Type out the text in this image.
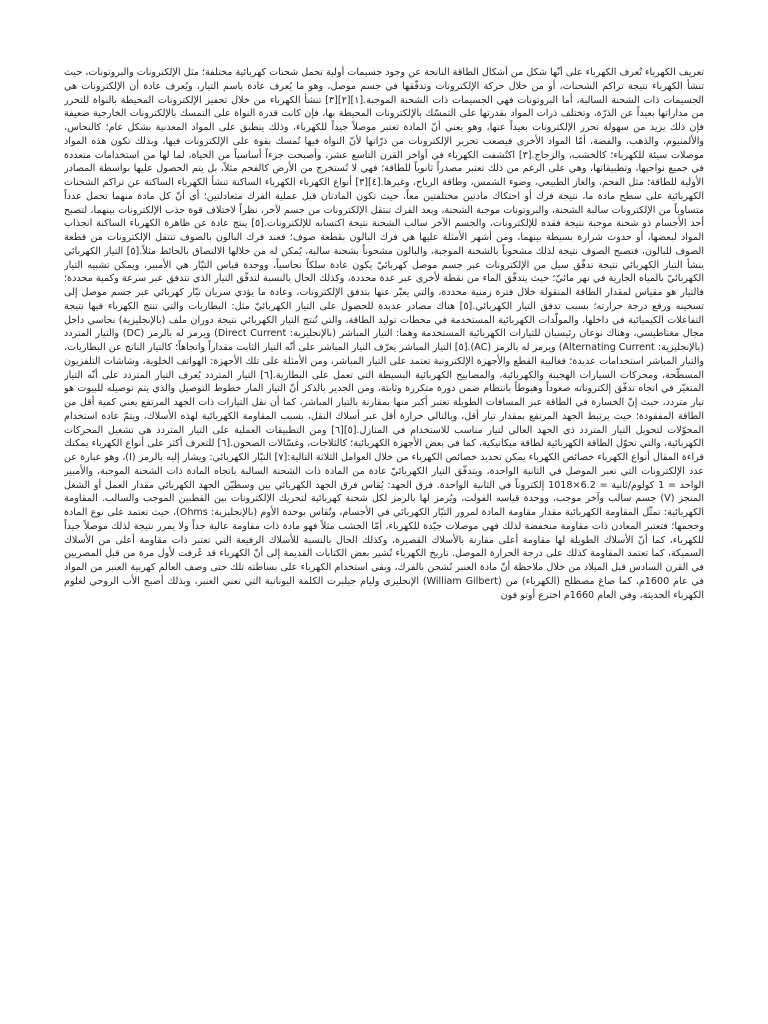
تعريف الكهرباء تُعرف الكهرباء على أنّها شكل من أشكال الطاقة الناتجة عن وجود جسيمات أولية تحمل شحنات كهربائية مختلفة؛ مثل الإلكترونات والبروتونات، حيث تنشأ الكهرباء نتيجة تراكم الشحنات، أو من خلال حركة الإلكترونات وتدفّقها في جسم موصل، وهو ما يُعرف عادة باسم التيار، ويُعرف عادة أن الإلكترونات هي الجسيمات ذات الشحنة السالبة، أما البروتونات فهي الجسيمات ذات الشحنة الموجبة.[١][٢][٣] تنشأ الكهرباء من خلال تحفيز الإلكترونات المحيطة بالنواة للتحرر من مداراتها بعيداً عن الذرّة، وتختلف ذرات المواد بقدرتها على التمسّك بالإلكترونات المحيطة بها، فإن كانت قدرة النواة على التمسك بالإلكترونات الخارجية ضعيفة فإن ذلك يزيد من سهولة تحرر الإلكترونات بعيداً عنها، وهو يعني أنّ المادة تعتبر موصلاً جيداً للكهرباء، وذلك ينطبق على المواد المعدنية بشكل عام؛ كالنحاس، والألمنيوم، والذهب، والفضة، أمّا المواد الأخرى فيصعب تحرير الإلكترونات من ذرّاتها لأنّ النواة فيها تُمسك بقوة على الإلكترونات فيها، وبذلك تكون هذه المواد موصلات سيئة للكهرباء؛ كالخشب، والزجاج.[٣] اكتُشفت الكهرباء في أواخر القرن التاسع عشر، وأصبحت جزءاً أساسياً من الحياة، لما لها من استخدامات متعددة في جميع نواحيها، وتطبيقاتها، وهي على الرغم من ذلك تعتبر مصدراً ثانوياً للطاقة؛ فهي لا تُستخرج من الأرض كالفحم مثلاً، بل يتم الحصول عليها بواسطة المصادر الأولية للطاقة؛ مثل الفحم، والغاز الطبيعي، وضوء الشمس، وطاقة الرياح، وغيرها.[٤][٣] أنواع الكهرباء الكهرباء الساكنة تنشأ الكهرباء الساكنة عن تراكم الشحنات الكهربائية على سطح مادة ما، نتيجة فرك أو احتكاك مادتين مختلفتين معاً، حيث تكون المادتان قبل عملية الفرك متعادلتين؛ أي أنّ كل مادة منهما تحمل عدداً متساوياً من الإلكترونات سالبة الشحنة، والبروتونات موجبة الشحنة، وبعد الفرك تنتقل الإلكترونات من جسم لآخر، نظراً لاختلاف قوة جذب الإلكترونات بينهما، لتصبح أحد الأجسام ذو شحنة موجبة نتيجة فقده للإلكترونات، والجسم الآخر سالب الشحنة نتيجة اكتسابه للإلكترونات.[٥] ينتج عادة عن ظاهرة الكهرباء الساكنة انجذاب المواد لبعضها، أو حدوث شرارة بسيطة بينهما، ومن أشهر الأمثلة عليها هي فرك البالون بقطعة صوف؛ فعند فرك البالون بالصوف تنتقل الإلكترونات من قطعة الصوف للبالون، فتصبح الصوف نتيجة لذلك مشحوناً بالشحنة الموجبة، والبالون مشحوناً بشحنة سالبة، يُمكن له من خلالها الالتصاق بالحائط مثلاً.[٥] التيار الكهربائي ينشأ التيار الكهربائي نتيجة تدفّق سيل من الإلكترونات عبر جسم موصل كهربائيّ يكون عادة سلكاً نحاسياً، ووحدة قياس التيّار هي الأمبير، ويمكن تشبيه التيار الكهربائيّ بالمياه الجارية في نهر مائيّ؛ حيث يتدفّق الماء من نقطة لأخرى عبر عدة محددة، وكذلك الحال بالنسبة لتدفّق التيار الذي تتدفق عبر سرعة وكمية محددة؛ فالتيار هو مقياس لمقدار الطاقة المنقولة خلال فترة زمنية محددة، والتي يعبّر عنها بتدفق الإلكترونات، وعادة ما يؤدي سريان تيّار كهربائي عبر جسم موصل إلى تسخينه ورفع درجة حرارته؛ بسبب تدفق التيار الكهربائي.[٥] هناك مصادر عديدة للحصول على التيار الكهربائيّ مثل: البطاريات والتي تنتج الكهرباء فيها نتيجة التفاعلات الكيميائية في داخلها، والمولّدات الكهربائية المستخدمة في محطات توليد الطاقة، والتي تُنتج التيار الكهربائي نتيجة دوران ملف (بالإنجليزية) نحاسي داخل مجال مغناطيسي، وهناك نوعان رئيسيان للتيارات الكهربائية المستخدمة وهما: التيار المباشر (بالإنجليزية: Direct Current) ويرمز له بالرمز (DC) والتيار المتردد (بالإنجليزية: Alternating Current) ويرمز له بالرمز (AC).[٥] التيار المباشر يعرّف التيار المباشر على أنّه التيار الثابت مقداراً واتجاهاً؛ كالتيار الناتج عن البطاريات، والتيار المباشر استخدامات عديدة؛ فغالبية القطع والأجهزة الإلكترونية تعتمد على التيار المباشر، ومن الأمثلة على تلك الأجهزة: الهواتف الخلوية، وشاشات التلفزيون المسطّحة، ومحركات السيارات الهجينة والكهربائية، والمصابيح الكهربائية البسيطة التي تعمل على البطارية.[٦] التيار المتردد يُعرف التيار المتردد على أنّه التيار المتغيّر في اتجاه تدفّق إلكتروناته صعوداً وهبوطاً بانتظام ضمن دورة متكررة وثابتة، ومن الجدير بالذكر أنّ التيار المار خطوط التوصيل والذي يتم توصيله للبيوت هو تيار متردد، حيث إنّ الخسارة في الطاقة عبر المسافات الطويلة تعتبر أكبر منها بمقارنة بالتيار المباشر، كما أن نقل التيارات ذات الجهد المرتفع يعني كمية أقل من الطاقة المفقودة؛ حيث يرتبط الجهد المرتفع بمقدار تيار أقل، وبالتالي حرارة أقل عبر أسلاك النقل، بسبب المقاومة الكهربائية لهذه الأسلاك، ويتمّ عادة استخدام المحوّلات لتحويل التيار المتردد ذي الجهد العالي لتيار مناسب للاستخدام في المنازل.[٥][٦] ومن التطبيقات العملية على التيار المتردد هي تشغيل المحركات الكهربائية، والتي تحوّل الطاقة الكهربائية لطاقة ميكانيكية، كما في بعض الأجهزة الكهربائية؛ كالثلاجات، وغسّالات الصحون.[٦] للتعرف أكثر على أنواع الكهرباء يمكنك قراءة المقال أنواع الكهرباء خصائص الكهرباء يمكن تحديد خصائص الكهرباء من خلال العوامل الثلاثة التالية:[٧] التيّار الكهربائي: ويشار إليه بالرمز (I)، وهو عبارة عن عدد الإلكترونات التي تعبر الموصل في الثانية الواحدة، ويتدفّق التيار الكهربائيّ عادة من المادة ذات الشحنة السالبة باتجاه المادة ذات الشحنة الموجبة، والأمبير الواحد = 1 كولوم/ثانية = 6.2×1018 إلكتروناً في الثانية الواحدة. فرق الجهد: يُقاس فرق الجهد الكهربائي بين وسطيّن الجهد الكهربائي مقدار العمل أو الشغل المنجز (V) جسم سالب وآخر موجب، ووحدة قياسه الفولت، ويُرمز لها بالرمز لكل شحنة كهربائية لتحريك الإلكترونات بين القطبين الموجب والسالب. المقاومة الكهربائية: تمثّل المقاومة الكهربائية مقدار مقاومة المادة لمرور التيّار الكهربائي في الأجسام، وتُقاس بوحدة الأوم (بالإنجليزية: Ohms)، حيث تعتمد على نوع المادة وحجمها؛ فتعتبر المعادن ذات مقاومة منخفضة لذلك فهي موصلات جيّدة للكهرباء، أمّا الخشب مثلاً فهو مادة ذات مقاومة عالية جداً ولا يمرر نتيجة لذلك موصلاً جيداً للكهرباء، كما أنّ الأسلاك الطويلة لها مقاومة أعلى مقارنة بالأسلاك القصيرة، وكذلك الحال بالنسبة للأسلاك الرفيعة التي تعتبر ذات مقاومة أعلى من الأسلاك السميكة، كما تعتمد المقاومة كذلك على درجة الحرارة الموصل. تاريخ الكهرباء تُشير بعض الكتابات القديمة إلى أنّ الكهرباء قد عُرفت لأول مرة من قبل المصريين في القرن السادس قبل الميلاد من خلال ملاحظة أنّ مادة العنبر تُشحن بالفرك، وبقي استخدام الكهرباء على بساطته تلك حتى وصف العالم كهربية العنبر من المواد في عام 1600م، كما صاغ مصطلح (الكهرباء) من (William Gilbert) الإنجليزي وليام جيلبرت الكلمة اليونانية التي تعني العنبر، وبذلك أصبح الأب الروحي لعلوم الكهرباء الحديثة، وفي العام 1660م اخترع أوتو فون
